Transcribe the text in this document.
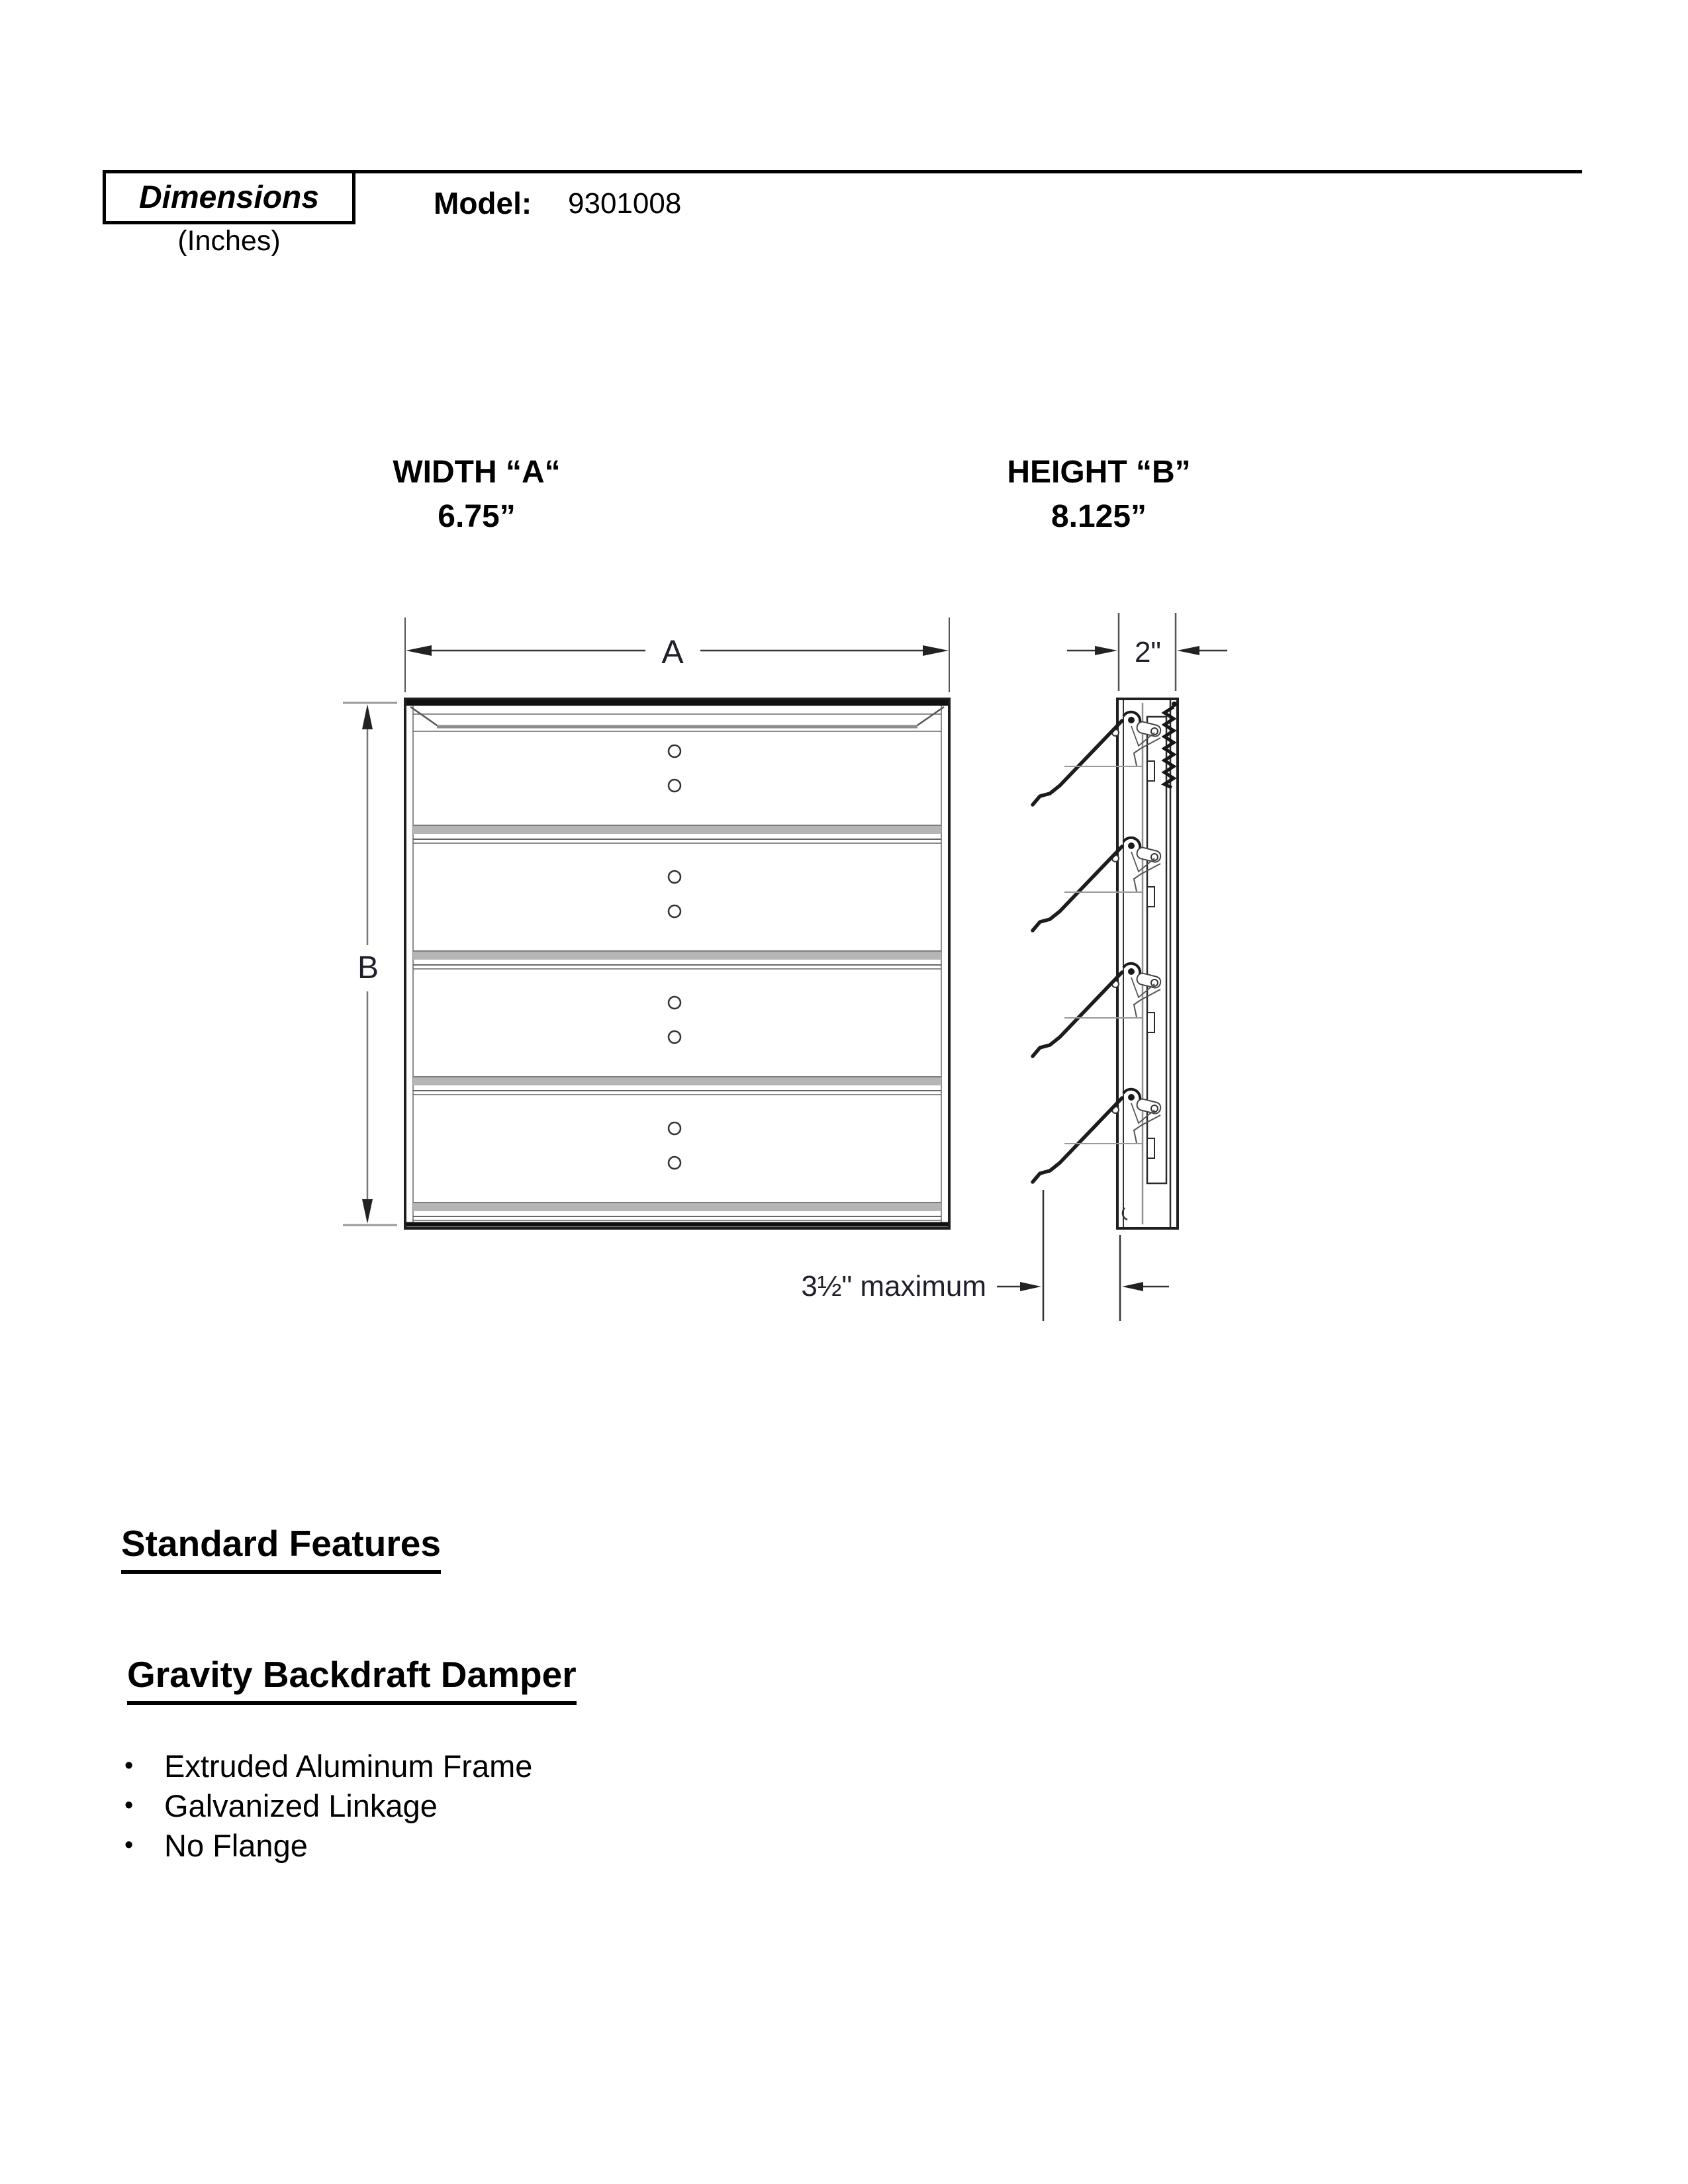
Dimensions
(Inches)
Model: 9301008
WIDTH “A“
6.75”
HEIGHT “B”
8.125”
A
B
2"
3½" maximum
Standard Features
Gravity Backdraft Damper
• Extruded Aluminum Frame
• Galvanized Linkage
• No Flange
